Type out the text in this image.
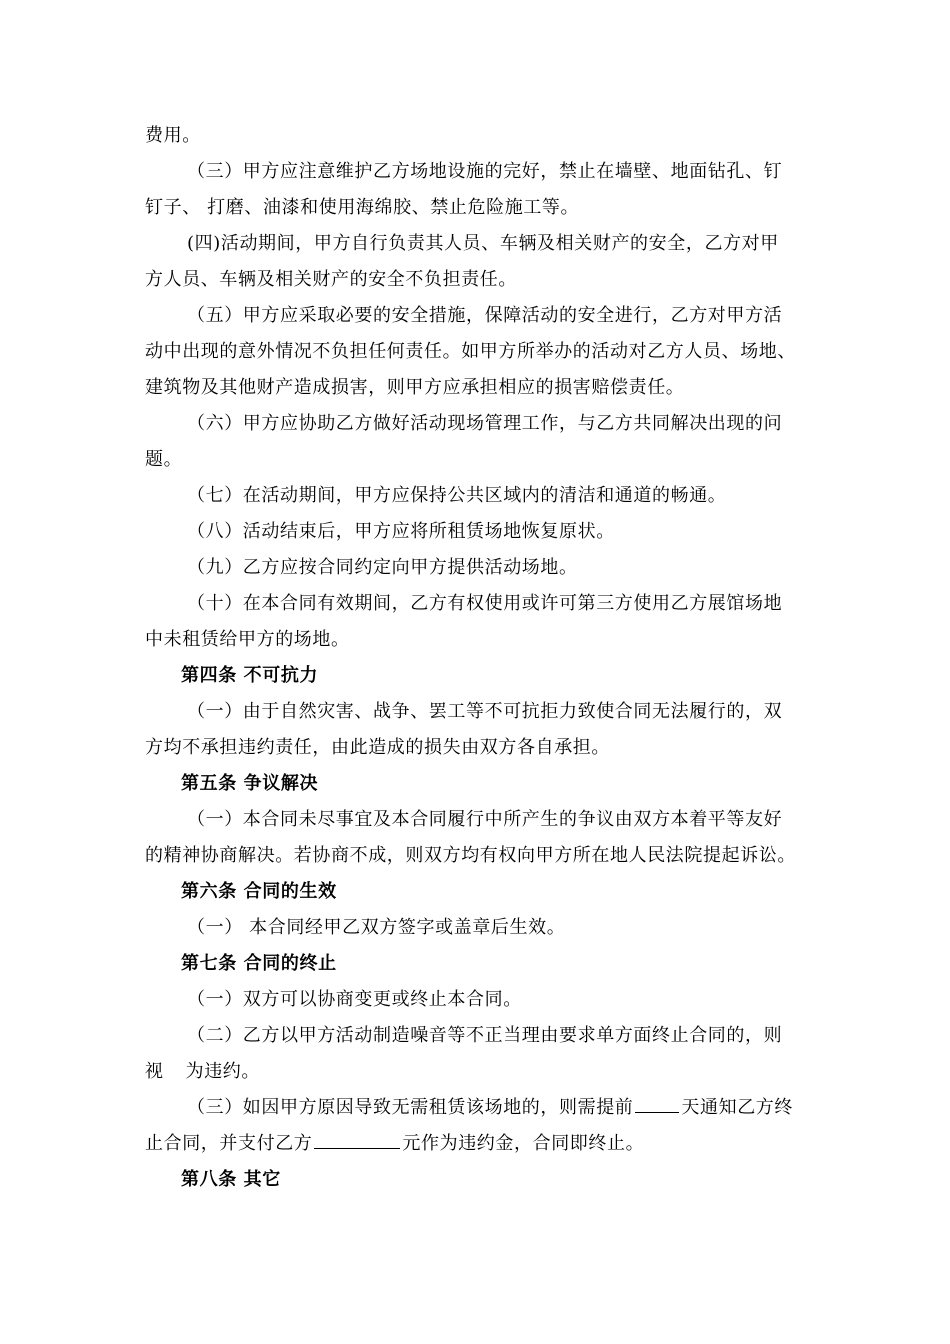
费用。
（三）甲方应注意维护乙方场地设施的完好，禁止在墙壁、地面钻孔、钉
钉子、 打磨、油漆和使用海绵胶、禁止危险施工等。
(四)活动期间，甲方自行负责其人员、车辆及相关财产的安全，乙方对甲
方人员、车辆及相关财产的安全不负担责任。
（五）甲方应采取必要的安全措施，保障活动的安全进行，乙方对甲方活
动中出现的意外情况不负担任何责任。如甲方所举办的活动对乙方人员、场地、
建筑物及其他财产造成损害，则甲方应承担相应的损害赔偿责任。
（六）甲方应协助乙方做好活动现场管理工作，与乙方共同解决出现的问
题。
（七）在活动期间，甲方应保持公共区域内的清洁和通道的畅通。
（八）活动结束后，甲方应将所租赁场地恢复原状。
（九）乙方应按合同约定向甲方提供活动场地。
（十）在本合同有效期间，乙方有权使用或许可第三方使用乙方展馆场地
中未租赁给甲方的场地。
第四条 不可抗力
（一）由于自然灾害、战争、罢工等不可抗拒力致使合同无法履行的，双
方均不承担违约责任，由此造成的损失由双方各自承担。
第五条 争议解决
（一）本合同未尽事宜及本合同履行中所产生的争议由双方本着平等友好
的精神协商解决。若协商不成，则双方均有权向甲方所在地人民法院提起诉讼。
第六条 合同的生效
（一） 本合同经甲乙双方签字或盖章后生效。
第七条 合同的终止
（一）双方可以协商变更或终止本合同。
（二）乙方以甲方活动制造噪音等不正当理由要求单方面终止合同的，则
视 为违约。
（三）如因甲方原因导致无需租赁该场地的，则需提前	天通知乙方终
止合同，并支付乙方	元作为违约金，合同即终止。
第八条 其它
